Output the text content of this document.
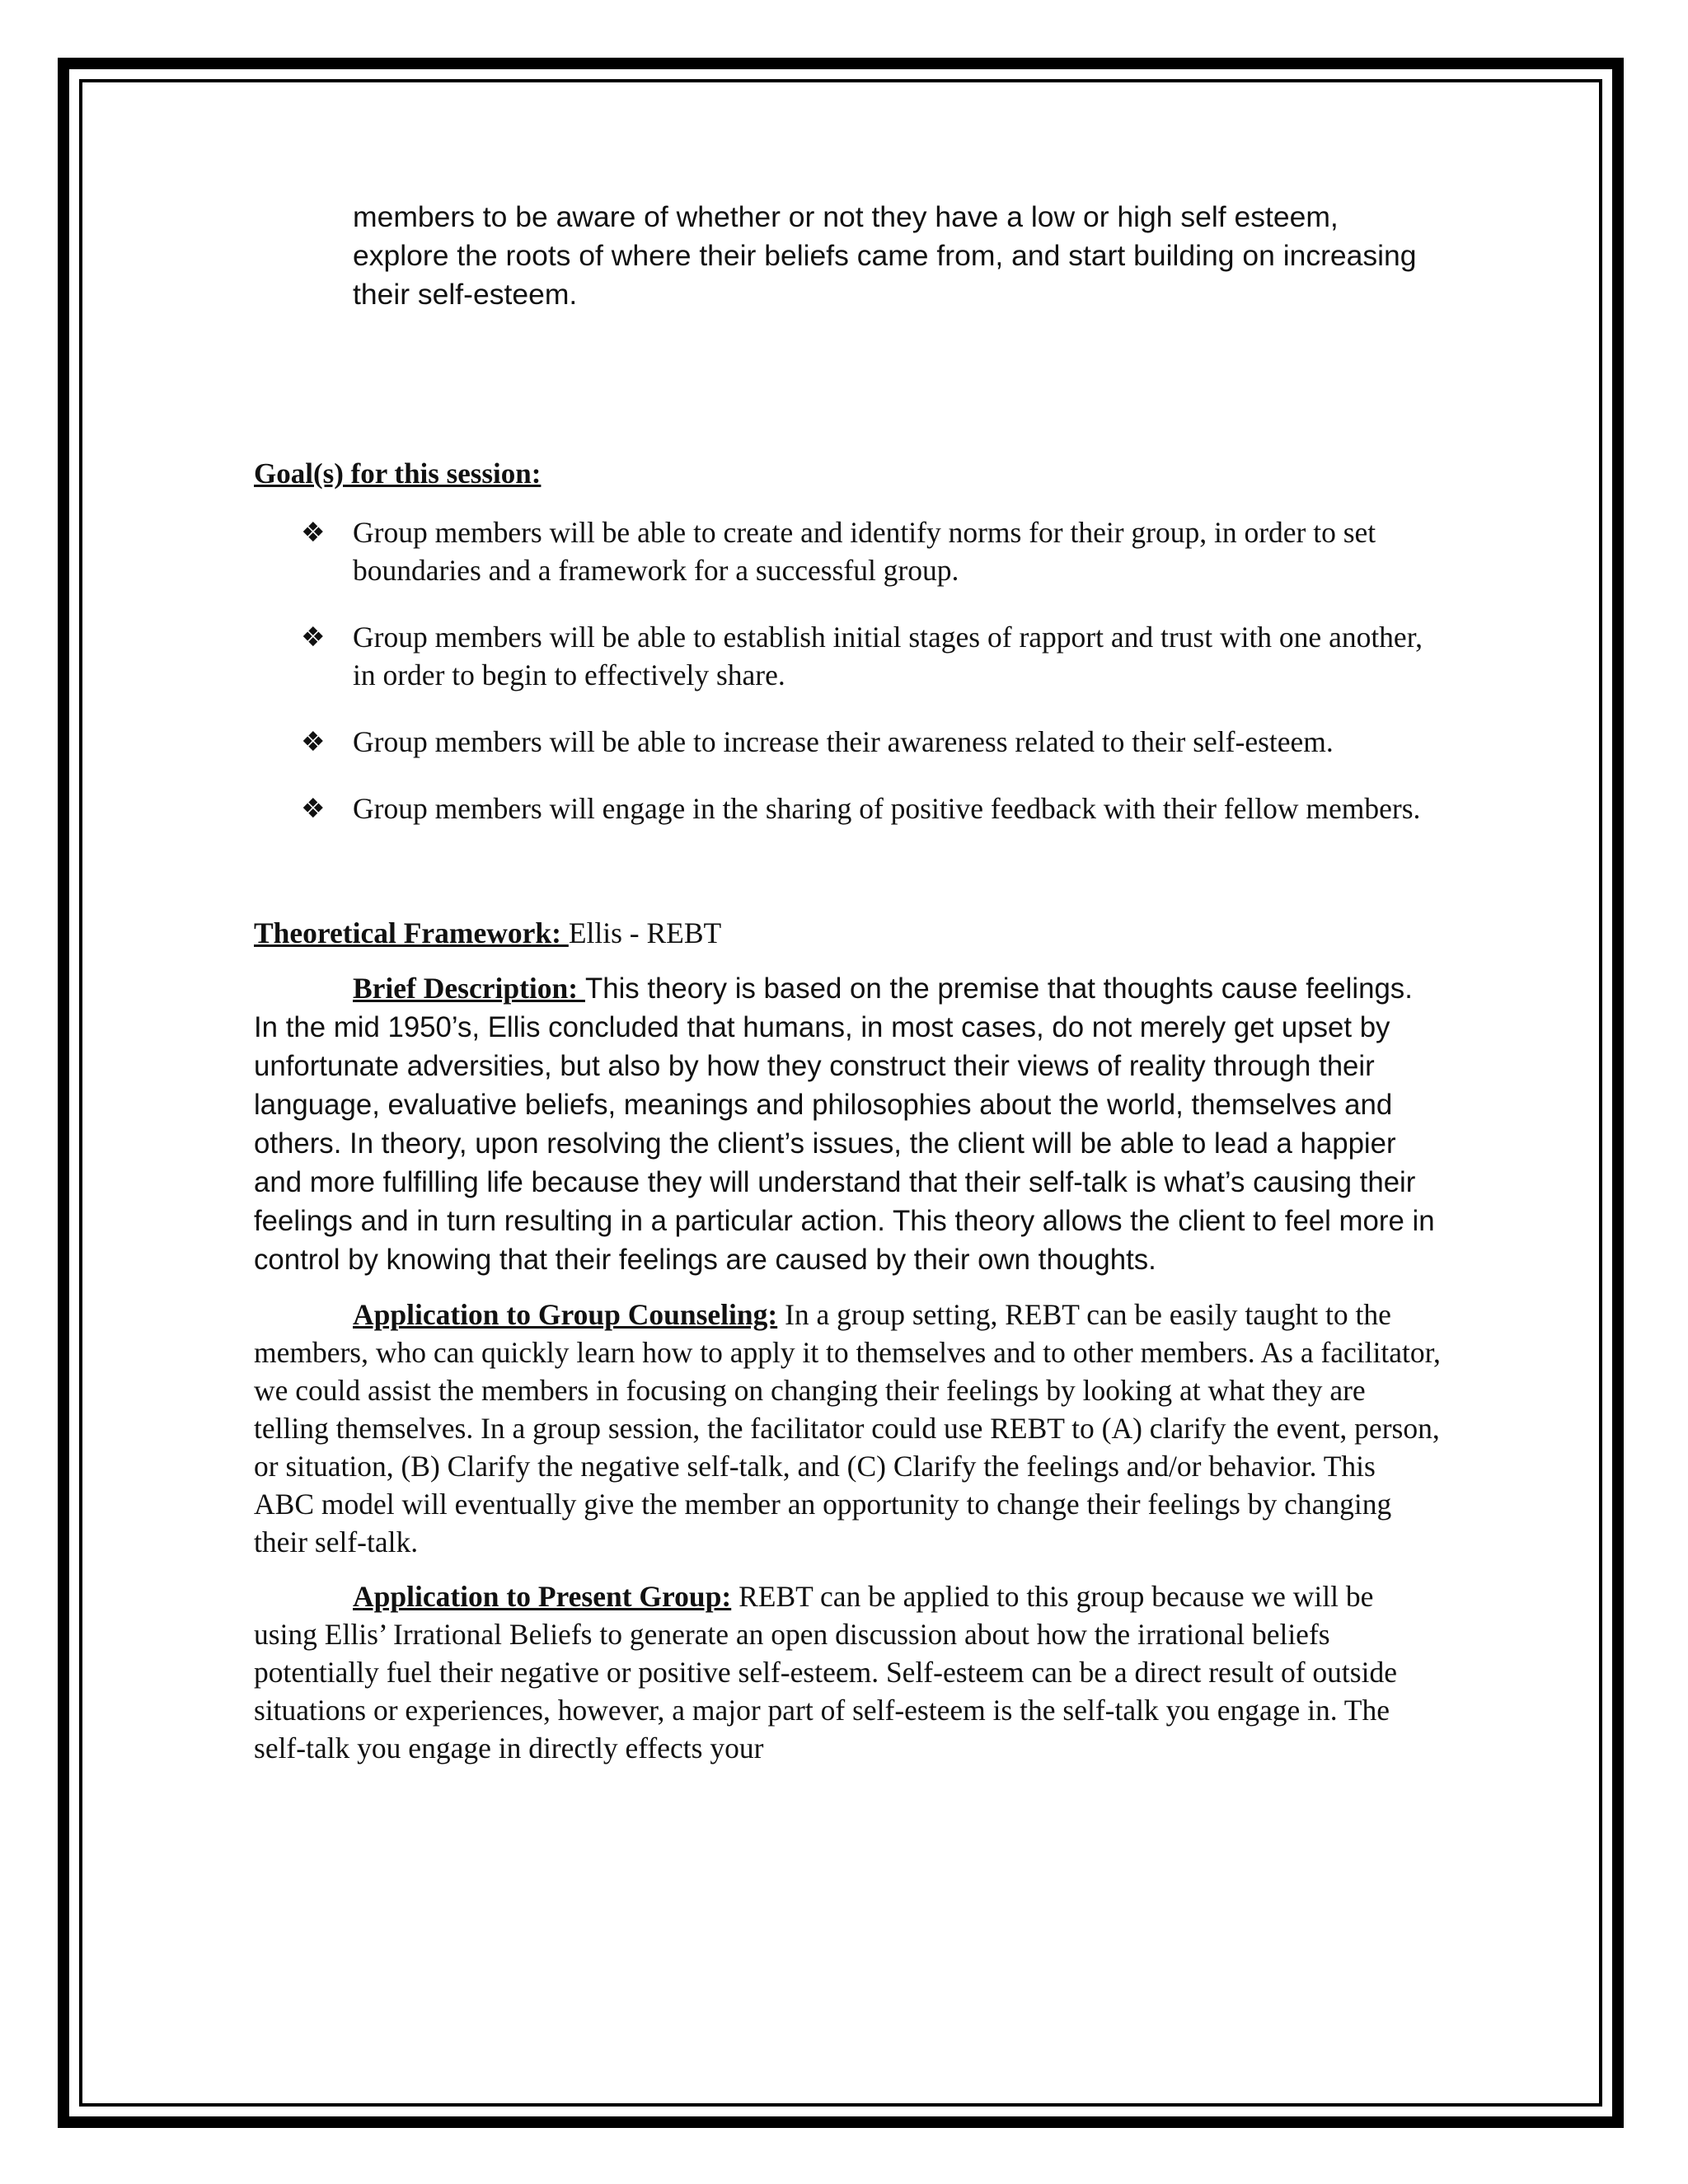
members to be aware of whether or not they have a low or high self esteem, explore the roots of where their beliefs came from, and start building on increasing their self-esteem.

Goal(s) for this session:
❖ Group members will be able to create and identify norms for their group, in order to set boundaries and a framework for a successful group.
❖ Group members will be able to establish initial stages of rapport and trust with one another, in order to begin to effectively share.
❖ Group members will be able to increase their awareness related to their self-esteem.
❖ Group members will engage in the sharing of positive feedback with their fellow members.
Theoretical Framework: Ellis - REBT

Brief Description: This theory is based on the premise that thoughts cause feelings. In the mid 1950’s, Ellis concluded that humans, in most cases, do not merely get upset by unfortunate adversities, but also by how they construct their views of reality through their language, evaluative beliefs, meanings and philosophies about the world, themselves and others. In theory, upon resolving the client’s issues, the client will be able to lead a happier and more fulfilling life because they will understand that their self-talk is what’s causing their feelings and in turn resulting in a particular action. This theory allows the client to feel more in control by knowing that their feelings are caused by their own thoughts.

Application to Group Counseling: In a group setting, REBT can be easily taught to the members, who can quickly learn how to apply it to themselves and to other members. As a facilitator, we could assist the members in focusing on changing their feelings by looking at what they are telling themselves. In a group session, the facilitator could use REBT to (A) clarify the event, person, or situation, (B) Clarify the negative self-talk, and (C) Clarify the feelings and/or behavior. This ABC model will eventually give the member an opportunity to change their feelings by changing their self-talk.

Application to Present Group: REBT can be applied to this group because we will be using Ellis’ Irrational Beliefs to generate an open discussion about how the irrational beliefs potentially fuel their negative or positive self-esteem. Self-esteem can be a direct result of outside situations or experiences, however, a major part of self-esteem is the self-talk you engage in. The self-talk you engage in directly effects your
